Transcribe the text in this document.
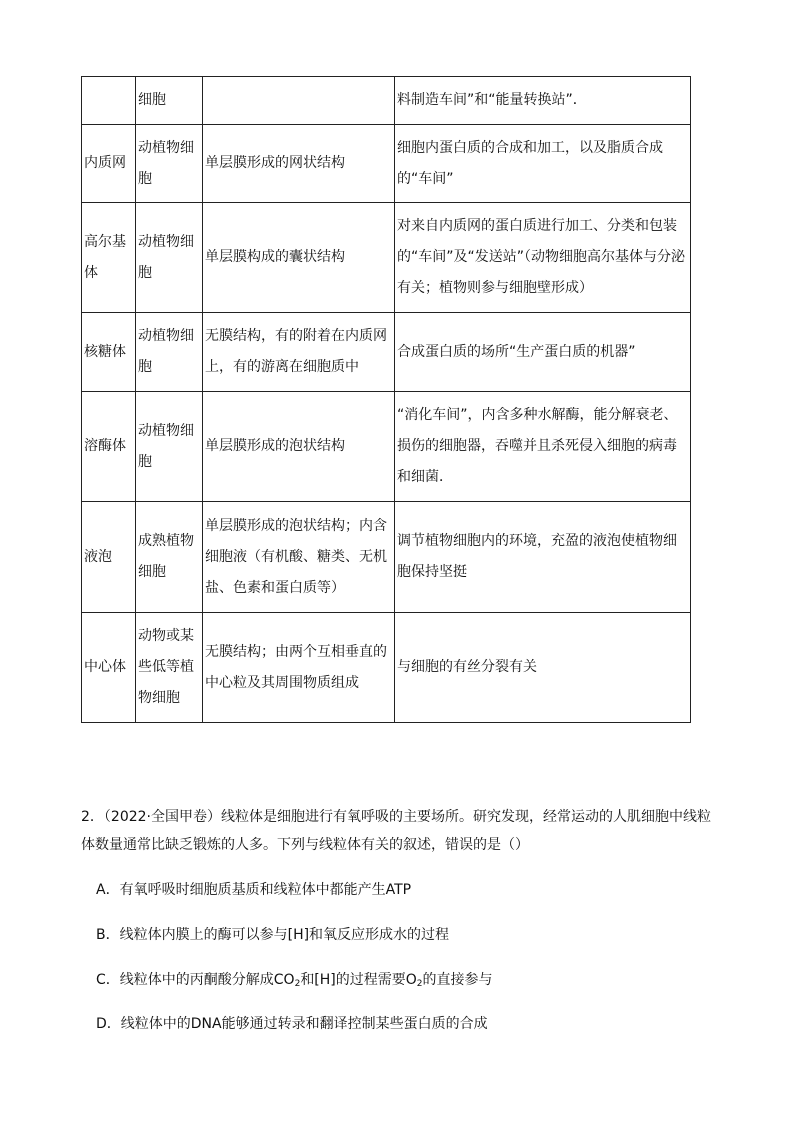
	细胞		料制造车间”和“能量转换站”．
内质网	动植物细胞	单层膜形成的网状结构	细胞内蛋白质的合成和加工，以及脂质合成的“车间”
高尔基体	动植物细胞	单层膜构成的囊状结构	对来自内质网的蛋白质进行加工、分类和包装的“车间”及“发送站”（动物细胞高尔基体与分泌有关；植物则参与细胞壁形成）
核糖体	动植物细胞	无膜结构，有的附着在内质网上，有的游离在细胞质中	合成蛋白质的场所“生产蛋白质的机器”
溶酶体	动植物细胞	单层膜形成的泡状结构	“消化车间”，内含多种水解酶，能分解衰老、损伤的细胞器，吞噬并且杀死侵入细胞的病毒和细菌．
液泡	成熟植物细胞	单层膜形成的泡状结构；内含细胞液（有机酸、糖类、无机盐、色素和蛋白质等）	调节植物细胞内的环境，充盈的液泡使植物细胞保持坚挺
中心体	动物或某些低等植物细胞	无膜结构；由两个互相垂直的中心粒及其周围物质组成	与细胞的有丝分裂有关
2．（2022·全国甲卷）线粒体是细胞进行有氧呼吸的主要场所。研究发现，经常运动的人肌细胞中线粒体数量通常比缺乏锻炼的人多。下列与线粒体有关的叙述，错误的是（）
A．有氧呼吸时细胞质基质和线粒体中都能产生ATP
B．线粒体内膜上的酶可以参与[H]和氧反应形成水的过程
C．线粒体中的丙酮酸分解成$CO_2$和[H]的过程需要$O_2$的直接参与
D．线粒体中的DNA能够通过转录和翻译控制某些蛋白质的合成
